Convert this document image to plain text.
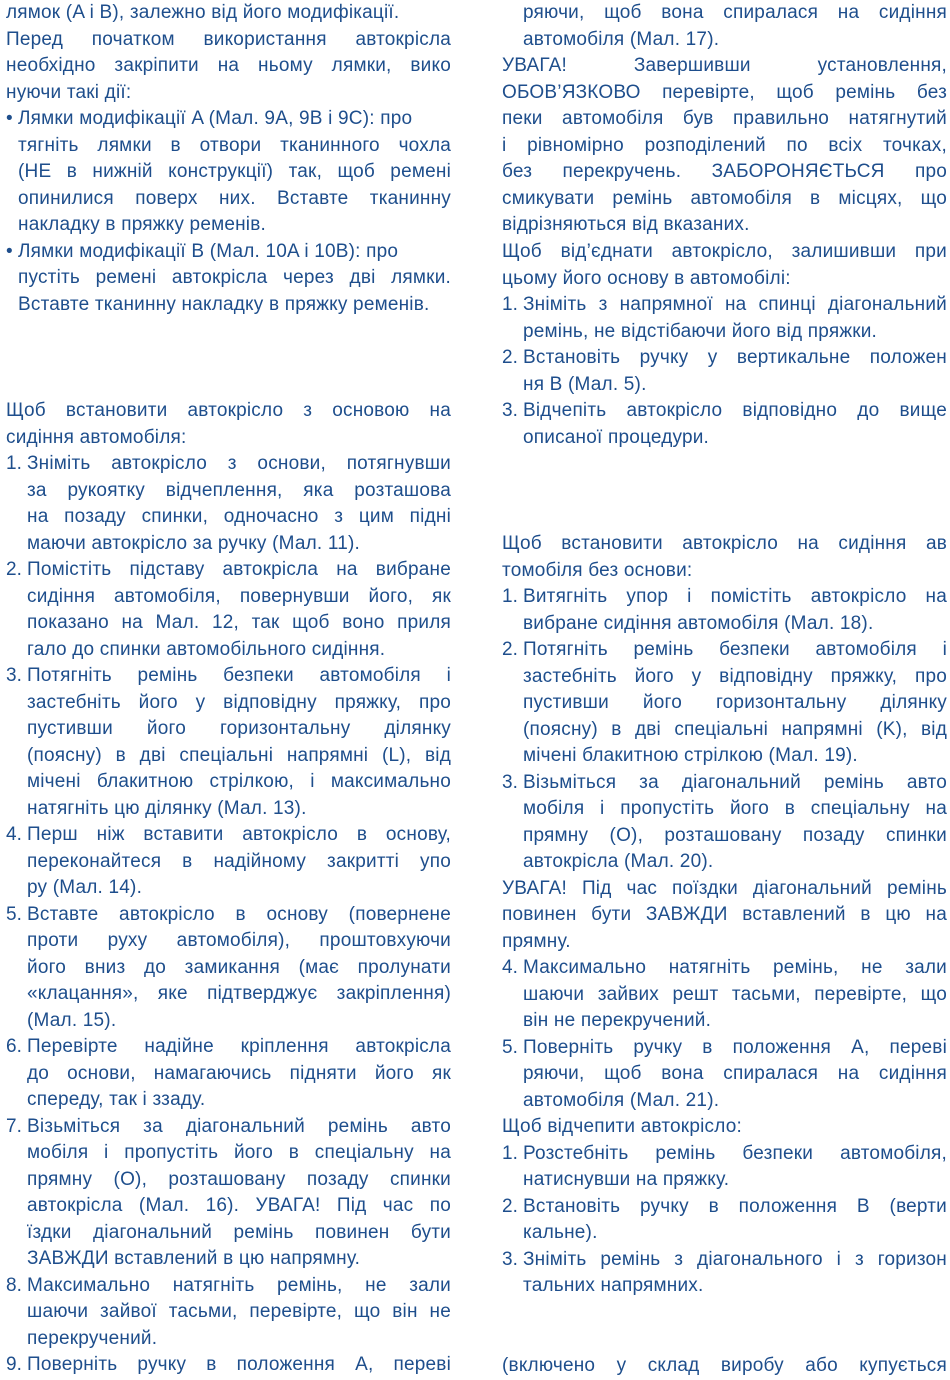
лямок (A і B), залежно від його модифікації.
Перед початком використання автокрісла
необхідно закріпити на ньому лямки, вико
нуючи такі дії:
• Лямки модифікації A (Мал. 9A, 9B і 9C): про
тягніть лямки в отвори тканинного чохла
(НЕ в нижній конструкції) так, щоб ремені
опинилися поверх них. Вставте тканинну
накладку в пряжку ременів.
• Лямки модифікації B (Мал. 10A і 10B): про
пустіть ремені автокрісла через дві лямки.
Вставте тканинну накладку в пряжку ременів.
Щоб встановити автокрісло з основою на
сидіння автомобіля:
1. Зніміть автокрісло з основи, потягнувши
за рукоятку відчеплення, яка розташова
на позаду спинки, одночасно з цим підні
маючи автокрісло за ручку (Мал. 11).
2. Помістіть підставу автокрісла на вибране
сидіння автомобіля, повернувши його, як
показано на Мал. 12, так щоб воно приля
гало до спинки автомобільного сидіння.
3. Потягніть ремінь безпеки автомобіля і
застебніть його у відповідну пряжку, про
пустивши його горизонтальну ділянку
(поясну) в дві спеціальні напрямні (L), від
мічені блакитною стрілкою, і максимально
натягніть цю ділянку (Мал. 13).
4. Перш ніж вставити автокрісло в основу,
переконайтеся в надійному закритті упо
ру (Мал. 14).
5. Вставте автокрісло в основу (повернене
проти руху автомобіля), проштовхуючи
його вниз до замикання (має пролунати
«клацання», яке підтверджує закріплення)
(Мал. 15).
6. Перевірте надійне кріплення автокрісла
до основи, намагаючись підняти його як
спереду, так і ззаду.
7. Візьміться за діагональний ремінь авто
мобіля і пропустіть його в спеціальну на
прямну (O), розташовану позаду спинки
автокрісла (Мал. 16). УВАГА! Під час по
їздки діагональний ремінь повинен бути
ЗАВЖДИ вставлений в цю напрямну.
8. Максимально натягніть ремінь, не зали
шаючи зайвої тасьми, перевірте, що він не
перекручений.
9. Поверніть ручку в положення A, переві
ряючи, щоб вона спиралася на сидіння
автомобіля (Мал. 17).
УВАГА! Завершивши установлення,
ОБОВ’ЯЗКОВО перевірте, щоб ремінь без
пеки автомобіля був правильно натягнутий
і рівномірно розподілений по всіх точках,
без перекручень. ЗАБОРОНЯЄТЬСЯ про
смикувати ремінь автомобіля в місцях, що
відрізняються від вказаних.
Щоб від’єднати автокрісло, залишивши при
цьому його основу в автомобілі:
1. Зніміть з напрямної на спинці діагональний
ремінь, не відстібаючи його від пряжки.
2. Встановіть ручку у вертикальне положен
ня B (Мал. 5).
3. Відчепіть автокрісло відповідно до вище
описаної процедури.
Щоб встановити автокрісло на сидіння ав
томобіля без основи:
1. Витягніть упор і помістіть автокрісло на
вибране сидіння автомобіля (Мал. 18).
2. Потягніть ремінь безпеки автомобіля і
застебніть його у відповідну пряжку, про
пустивши його горизонтальну ділянку
(поясну) в дві спеціальні напрямні (K), від
мічені блакитною стрілкою (Мал. 19).
3. Візьміться за діагональний ремінь авто
мобіля і пропустіть його в спеціальну на
прямну (O), розташовану позаду спинки
автокрісла (Мал. 20).
УВАГА! Під час поїздки діагональний ремінь
повинен бути ЗАВЖДИ вставлений в цю на
прямну.
4. Максимально натягніть ремінь, не зали
шаючи зайвих решт тасьми, перевірте, що
він не перекручений.
5. Поверніть ручку в положення A, переві
ряючи, щоб вона спиралася на сидіння
автомобіля (Мал. 21).
Щоб відчепити автокрісло:
1. Розстебніть ремінь безпеки автомобіля,
натиснувши на пряжку.
2. Встановіть ручку в положення B (верти
кальне).
3. Зніміть ремінь з діагонального і з горизон
тальних напрямних.
(включено у склад виробу або купується
